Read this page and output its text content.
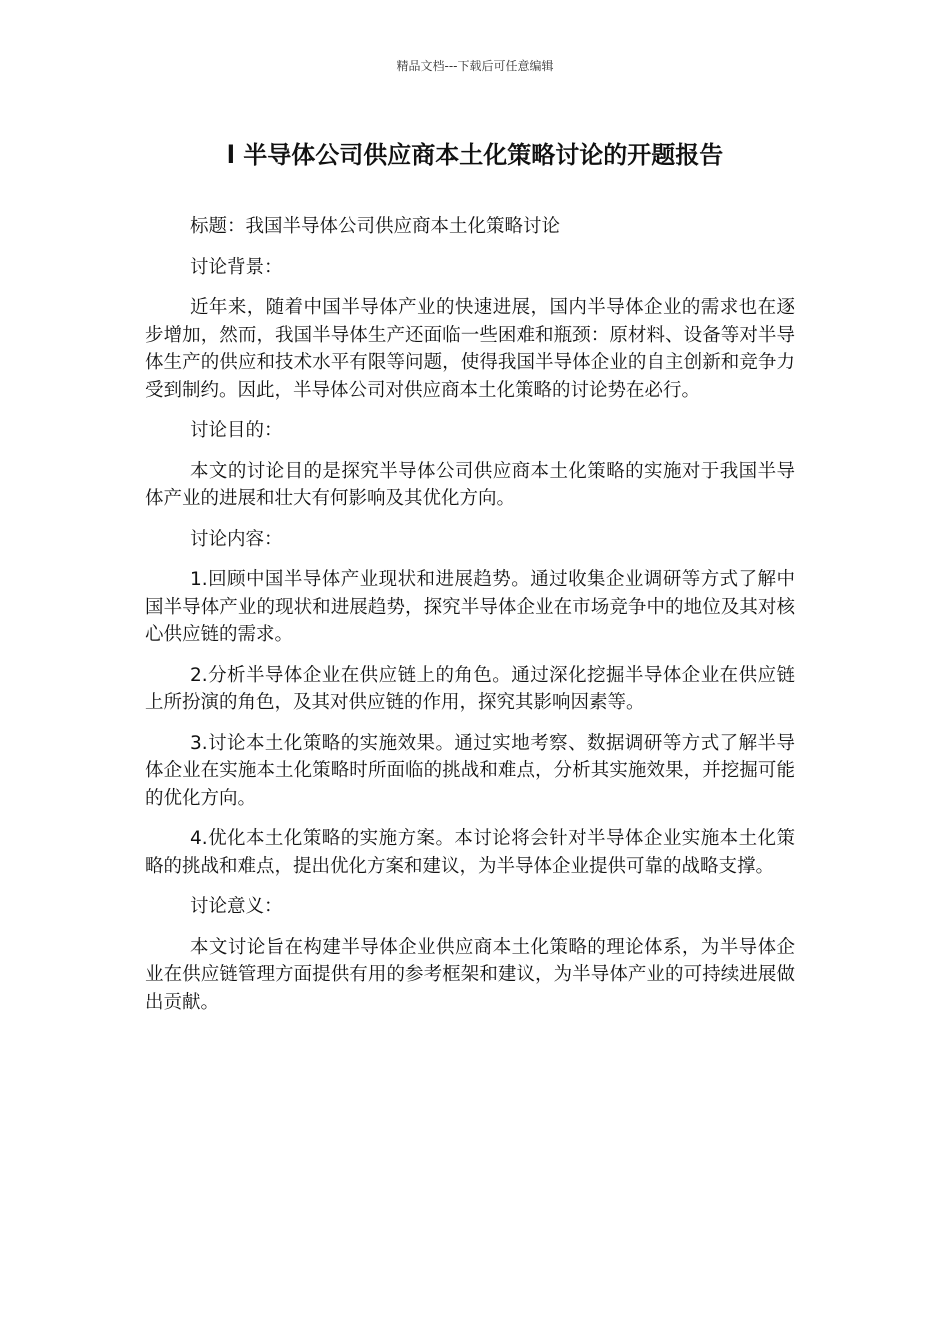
精品文档---下载后可任意编辑
l 半导体公司供应商本土化策略讨论的开题报告

标题：我国半导体公司供应商本土化策略讨论

讨论背景：

近年来，随着中国半导体产业的快速进展，国内半导体企业的需求也在逐步增加，然而，我国半导体生产还面临一些困难和瓶颈：原材料、设备等对半导体生产的供应和技术水平有限等问题，使得我国半导体企业的自主创新和竞争力受到制约。因此，半导体公司对供应商本土化策略的讨论势在必行。

讨论目的：

本文的讨论目的是探究半导体公司供应商本土化策略的实施对于我国半导体产业的进展和壮大有何影响及其优化方向。

讨论内容：

1.回顾中国半导体产业现状和进展趋势。通过收集企业调研等方式了解中国半导体产业的现状和进展趋势，探究半导体企业在市场竞争中的地位及其对核心供应链的需求。

2.分析半导体企业在供应链上的角色。通过深化挖掘半导体企业在供应链上所扮演的角色，及其对供应链的作用，探究其影响因素等。

3.讨论本土化策略的实施效果。通过实地考察、数据调研等方式了解半导体企业在实施本土化策略时所面临的挑战和难点，分析其实施效果，并挖掘可能的优化方向。

4.优化本土化策略的实施方案。本讨论将会针对半导体企业实施本土化策略的挑战和难点，提出优化方案和建议，为半导体企业提供可靠的战略支撑。

讨论意义：

本文讨论旨在构建半导体企业供应商本土化策略的理论体系，为半导体企业在供应链管理方面提供有用的参考框架和建议，为半导体产业的可持续进展做出贡献。
